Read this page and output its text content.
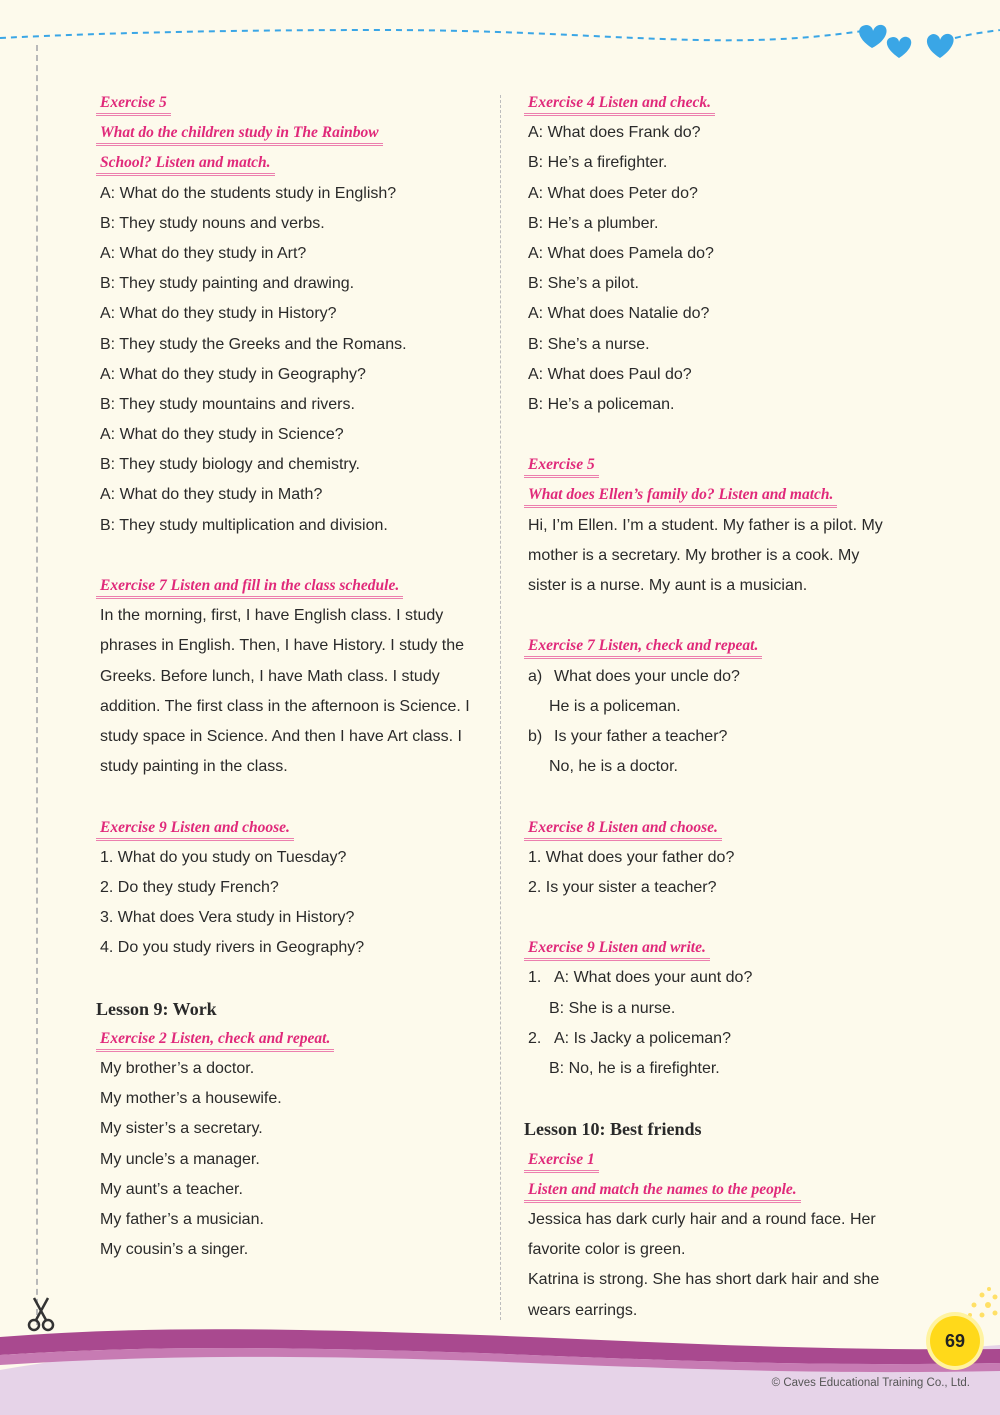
Exercise 5
What do the children study in The Rainbow
School? Listen and match.
A: What do the students study in English?
B: They study nouns and verbs.
A: What do they study in Art?
B: They study painting and drawing.
A: What do they study in History?
B: They study the Greeks and the Romans.
A: What do they study in Geography?
B: They study mountains and rivers.
A: What do they study in Science?
B: They study biology and chemistry.
A: What do they study in Math?
B: They study multiplication and division.
Exercise 7 Listen and fill in the class schedule.
In the morning, first, I have English class. I study
phrases in English. Then, I have History. I study the
Greeks. Before lunch, I have Math class. I study
addition. The first class in the afternoon is Science. I
study space in Science. And then I have Art class. I
study painting in the class.
Exercise 9 Listen and choose.
1. What do you study on Tuesday?
2. Do they study French?
3. What does Vera study in History?
4. Do you study rivers in Geography?
Lesson 9: Work
Exercise 2 Listen, check and repeat.
My brother’s a doctor.
My mother’s a housewife.
My sister’s a secretary.
My uncle’s a manager.
My aunt’s a teacher.
My father’s a musician.
My cousin’s a singer.
Exercise 4 Listen and check.
A: What does Frank do?
B: He’s a firefighter.
A: What does Peter do?
B: He’s a plumber.
A: What does Pamela do?
B: She’s a pilot.
A: What does Natalie do?
B: She’s a nurse.
A: What does Paul do?
B: He’s a policeman.
Exercise 5
What does Ellen’s family do? Listen and match.
Hi, I’m Ellen. I’m a student. My father is a pilot. My
mother is a secretary. My brother is a cook. My
sister is a nurse. My aunt is a musician.
Exercise 7 Listen, check and repeat.
a) What does your uncle do?
He is a policeman.
b) Is your father a teacher?
No, he is a doctor.
Exercise 8 Listen and choose.
1. What does your father do?
2. Is your sister a teacher?
Exercise 9 Listen and write.
1. A: What does your aunt do?
B: She is a nurse.
2. A: Is Jacky a policeman?
B: No, he is a firefighter.
Lesson 10: Best friends
Exercise 1
Listen and match the names to the people.
Jessica has dark curly hair and a round face. Her
favorite color is green.
Katrina is strong. She has short dark hair and she
wears earrings.
69
© Caves Educational Training Co., Ltd.
